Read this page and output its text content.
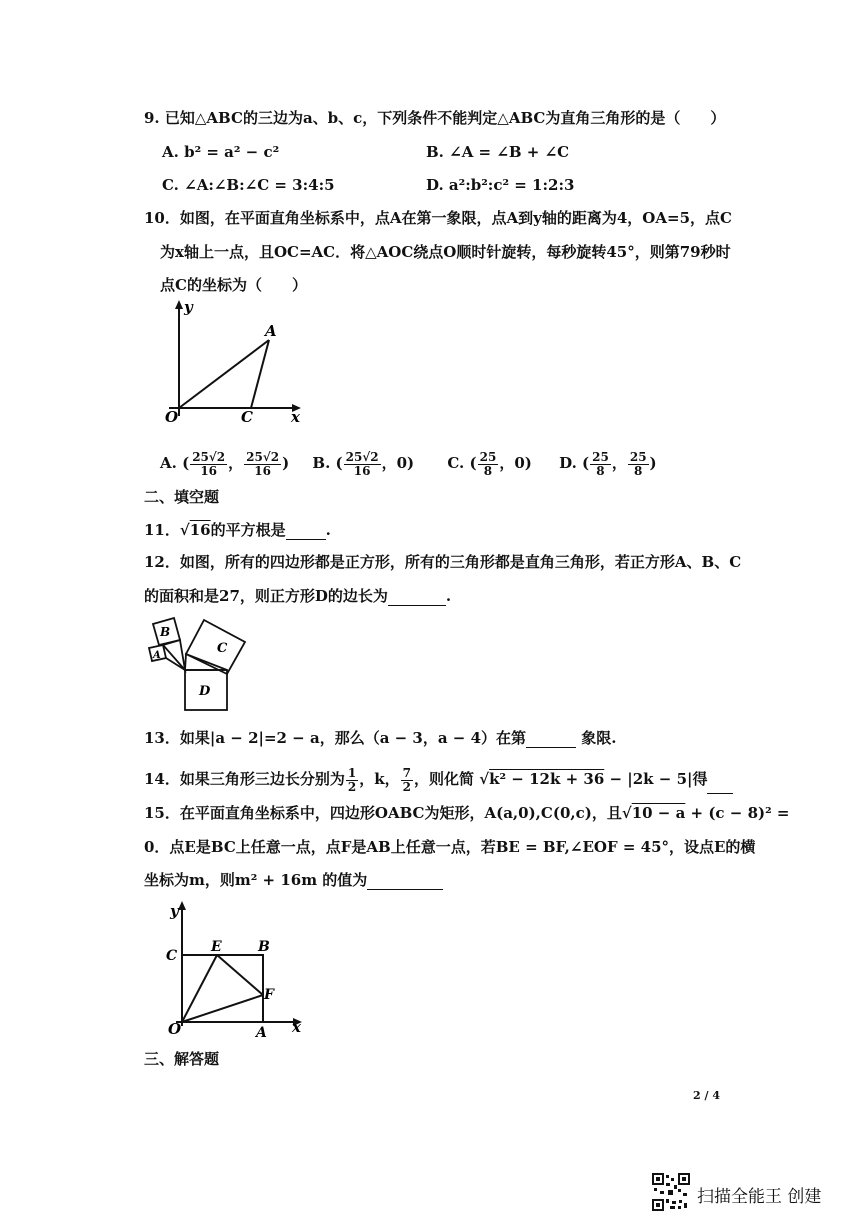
9. 已知△ABC的三边为a、b、c，下列条件不能判定△ABC为直角三角形的是（　　）
A. b² = a² − c²	B. ∠A = ∠B + ∠C
C. ∠A:∠B:∠C = 3:4:5	D. a²:b²:c² = 1:2:3
10．如图，在平面直角坐标系中，点A在第一象限，点A到y轴的距离为4，OA=5，点C
为x轴上一点，且OC=AC．将△AOC绕点O顺时针旋转，每秒旋转45°，则第79秒时
点C的坐标为（　　）
y
x
O
A
C
A. ( $\frac{25√2}{16}$ ， $\frac{25√2}{16}$ ) B. ( $\frac{25√2}{16}$ ，0) C. ( $\frac{25}{8}$ ，0) D. ( $\frac{25}{8}$ ， $\frac{25}{8}$ )
二、填空题
11．√16的平方根是	.
12．如图，所有的四边形都是正方形，所有的三角形都是直角三角形，若正方形A、B、C
的面积和是27，则正方形D的边长为	.
B
A	C
D
13．如果|a − 2|=2 − a，那么（a − 3，a − 4）在第	象限.
14．如果三角形三边长分别为 $\frac{1}{2}$ ，k， $\frac{7}{2}$ ，则化简 √k² − 12k + 36 − |2k − 5|得
15．在平面直角坐标系中，四边形OABC为矩形，A(a,0),C(0,c)，且√10 − a + (c − 8)² =
0．点E是BC上任意一点，点F是AB上任意一点，若BE = BF,∠EOF = 45°，设点E的横
坐标为m，则m² + 16m 的值为
y
x
O	A
B
C
E
F
三、解答题
2 / 4
扫描全能王 创建
